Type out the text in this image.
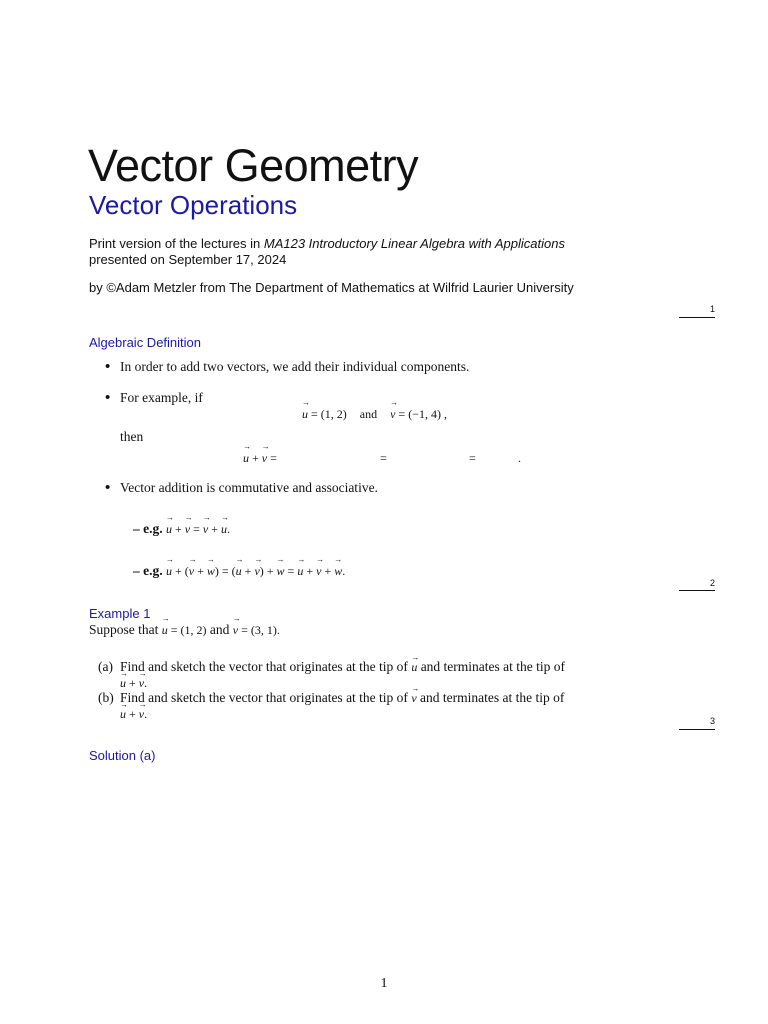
Vector Geometry
Vector Operations
Print version of the lectures in MA123 Introductory Linear Algebra with Applications
presented on September 17, 2024
by ©Adam Metzler from The Department of Mathematics at Wilfrid Laurier University
1
Algebraic Definition
• In order to add two vectors, we add their individual components.
• For example, if
→ u = (1, 2) and → v = (−1, 4) ,
then
→ u + → v =	=	=	.
• Vector addition is commutative and associative.
– e.g. → u + → v = → v + → u.
– e.g. → u + (→ v + → w) = (→ u + → v) + → w = → u + → v + → w.
2
Example 1
Suppose that → u = (1, 2) and → v = (3, 1).
(a) Find and sketch the vector that originates at the tip of → u and terminates at the tip of
→ u + → v.
(b) Find and sketch the vector that originates at the tip of → v and terminates at the tip of
→ u + → v.	3
Solution (a)
1
